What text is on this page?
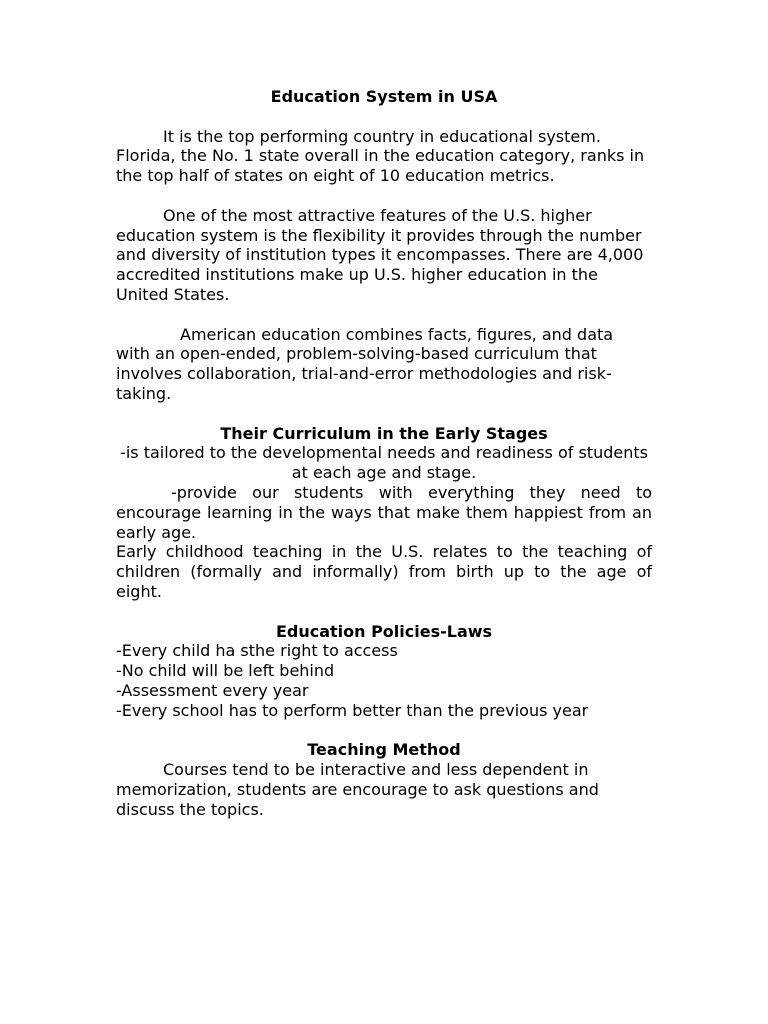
Education System in USA

It is the top performing country in educational system. Florida, the No. 1 state overall in the education category, ranks in the top half of states on eight of 10 education metrics.

One of the most attractive features of the U.S. higher education system is the flexibility it provides through the number and diversity of institution types it encompasses. There are 4,000 accredited institutions make up U.S. higher education in the United States.

American education combines facts, figures, and data with an open-ended, problem-solving-based curriculum that involves collaboration, trial-and-error methodologies and risk-taking.

Their Curriculum in the Early Stages

-is tailored to the developmental needs and readiness of students at each age and stage.

-provide our students with everything they need to encourage learning in the ways that make them happiest from an early age.

Early childhood teaching in the U.S. relates to the teaching of children (formally and informally) from birth up to the age of eight.

Education Policies-Laws

-Every child ha sthe right to access

-No child will be left behind

-Assessment every year

-Every school has to perform better than the previous year

Teaching Method

Courses tend to be interactive and less dependent in memorization, students are encourage to ask questions and discuss the topics.
